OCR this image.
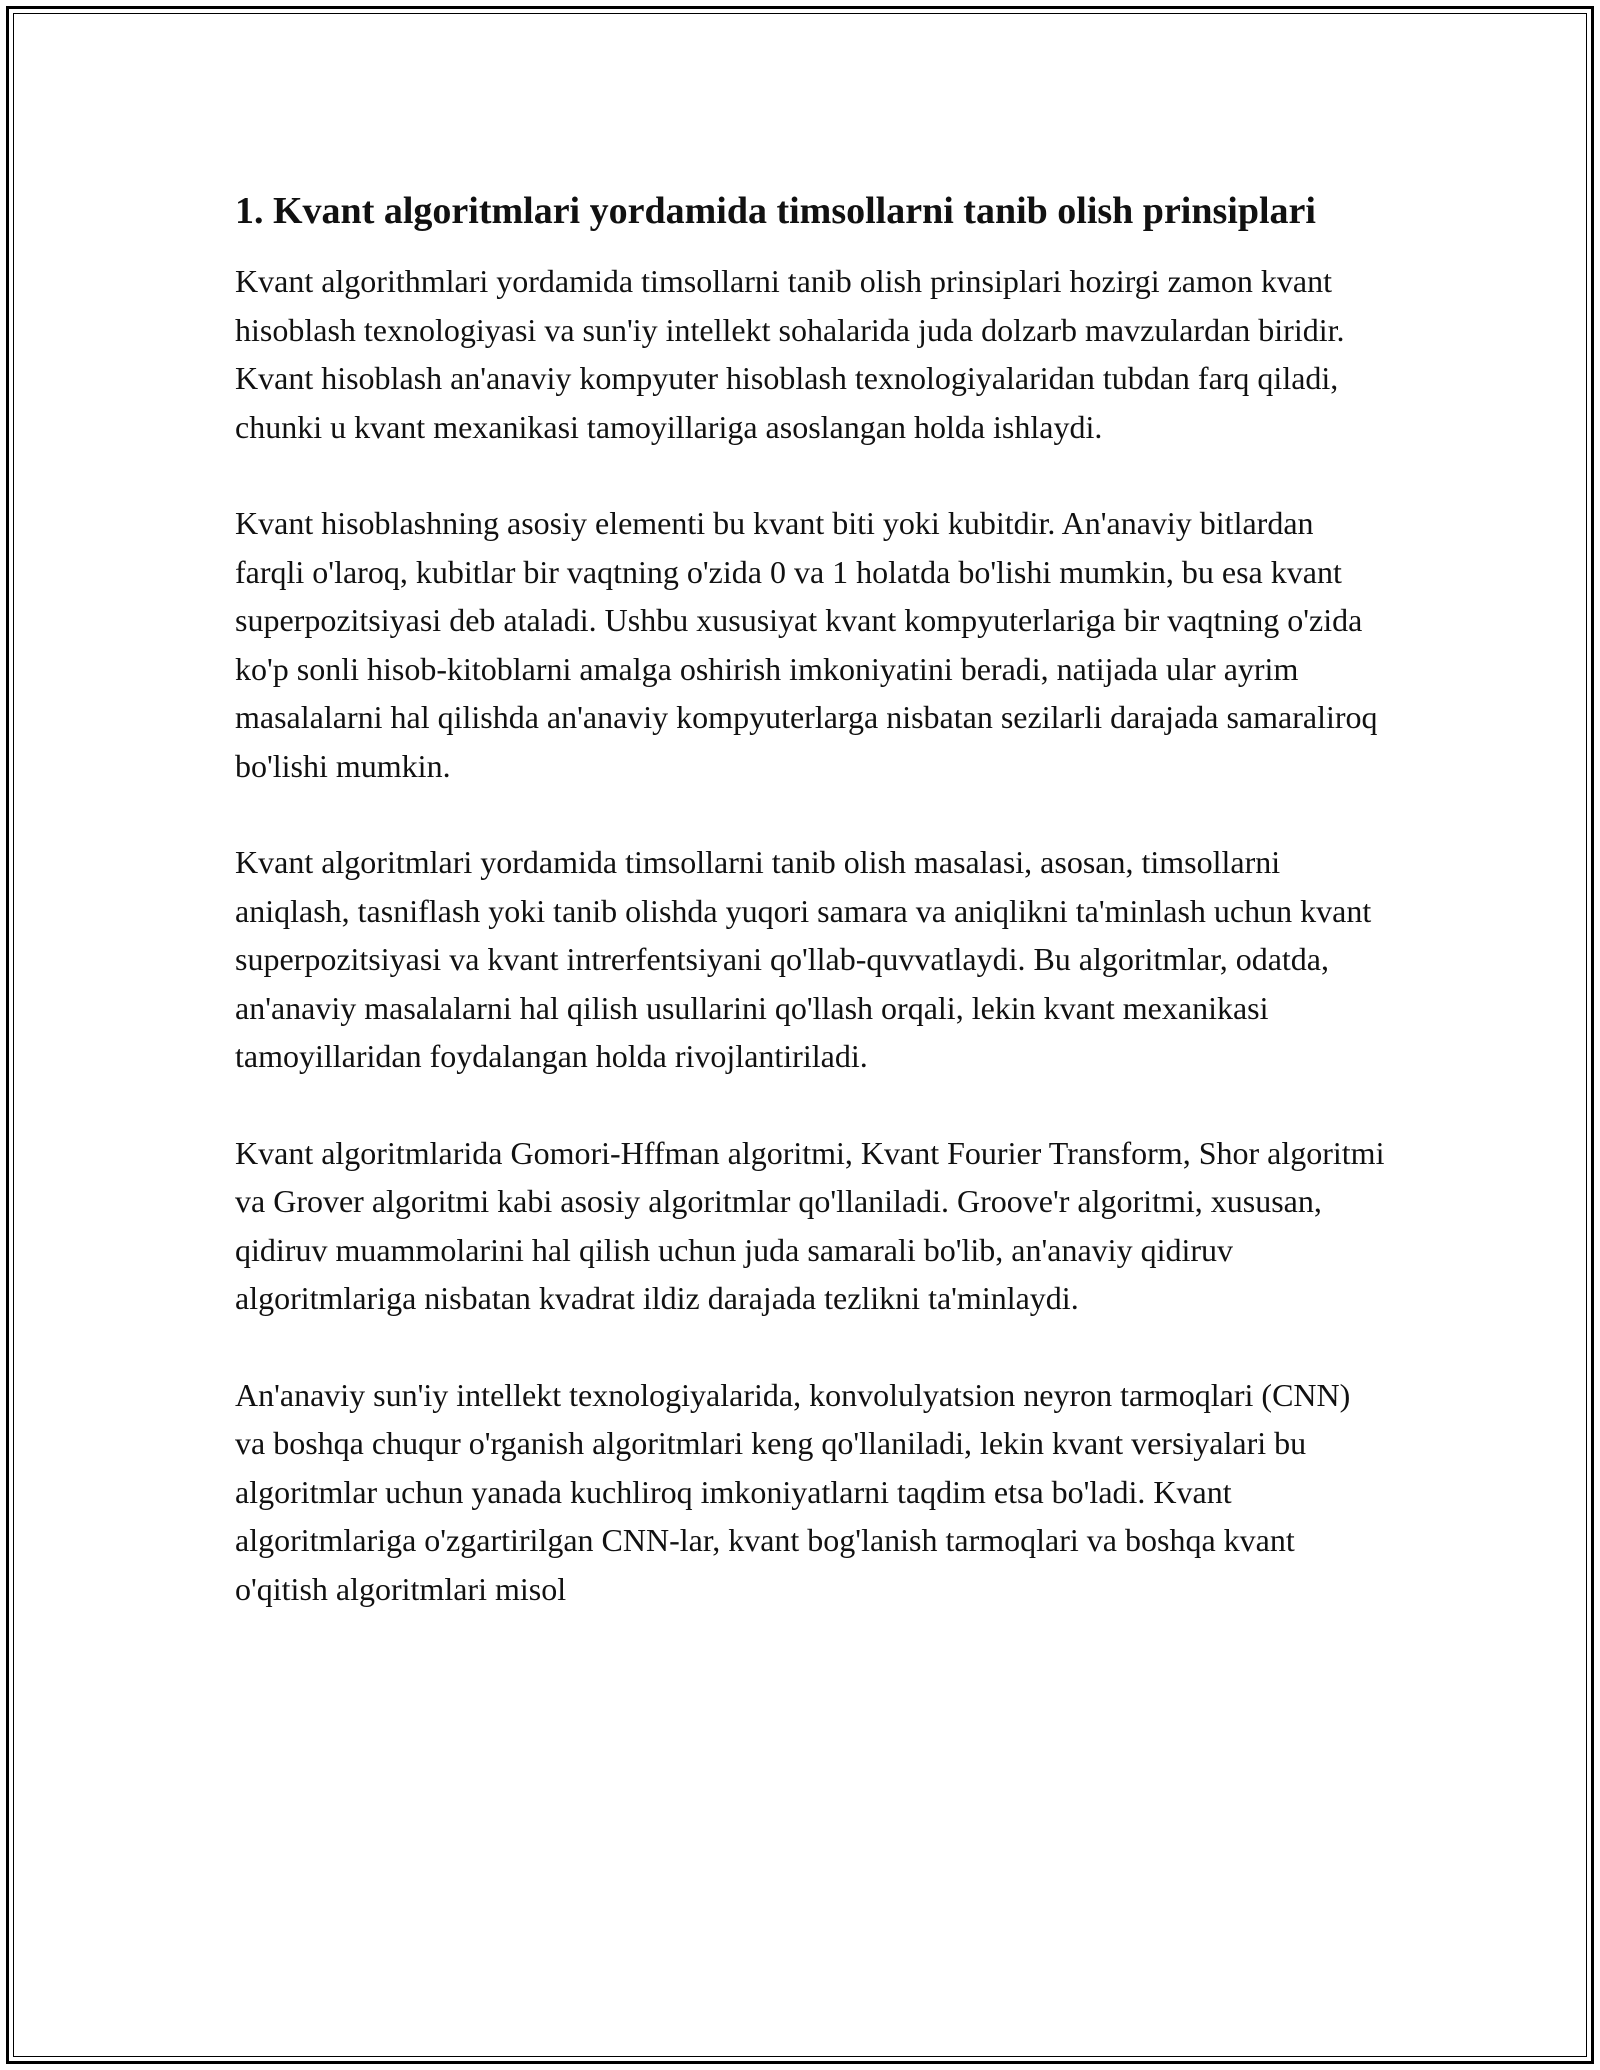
1. Kvant algoritmlari yordamida timsollarni tanib olish prinsiplari

Kvant algorithmlari yordamida timsollarni tanib olish prinsiplari hozirgi zamon kvant hisoblash texnologiyasi va sun'iy intellekt sohalarida juda dolzarb mavzulardan biridir. Kvant hisoblash an'anaviy kompyuter hisoblash texnologiyalaridan tubdan farq qiladi, chunki u kvant mexanikasi tamoyillariga asoslangan holda ishlaydi.

Kvant hisoblashning asosiy elementi bu kvant biti yoki kubitdir. An'anaviy bitlardan farqli o'laroq, kubitlar bir vaqtning o'zida 0 va 1 holatda bo'lishi mumkin, bu esa kvant superpozitsiyasi deb ataladi. Ushbu xususiyat kvant kompyuterlariga bir vaqtning o'zida ko'p sonli hisob-kitoblarni amalga oshirish imkoniyatini beradi, natijada ular ayrim masalalarni hal qilishda an'anaviy kompyuterlarga nisbatan sezilarli darajada samaraliroq bo'lishi mumkin.

Kvant algoritmlari yordamida timsollarni tanib olish masalasi, asosan, timsollarni aniqlash, tasniflash yoki tanib olishda yuqori samara va aniqlikni ta'minlash uchun kvant superpozitsiyasi va kvant intrerfentsiyani qo'llab-quvvatlaydi. Bu algoritmlar, odatda, an'anaviy masalalarni hal qilish usullarini qo'llash orqali, lekin kvant mexanikasi tamoyillaridan foydalangan holda rivojlantiriladi.

Kvant algoritmlarida Gomori-Hffman algoritmi, Kvant Fourier Transform, Shor algoritmi va Grover algoritmi kabi asosiy algoritmlar qo'llaniladi. Groove'r algoritmi, xususan, qidiruv muammolarini hal qilish uchun juda samarali bo'lib, an'anaviy qidiruv algoritmlariga nisbatan kvadrat ildiz darajada tezlikni ta'minlaydi.

An'anaviy sun'iy intellekt texnologiyalarida, konvolulyatsion neyron tarmoqlari (CNN) va boshqa chuqur o'rganish algoritmlari keng qo'llaniladi, lekin kvant versiyalari bu algoritmlar uchun yanada kuchliroq imkoniyatlarni taqdim etsa bo'ladi. Kvant algoritmlariga o'zgartirilgan CNN-lar, kvant bog'lanish tarmoqlari va boshqa kvant o'qitish algoritmlari misol
